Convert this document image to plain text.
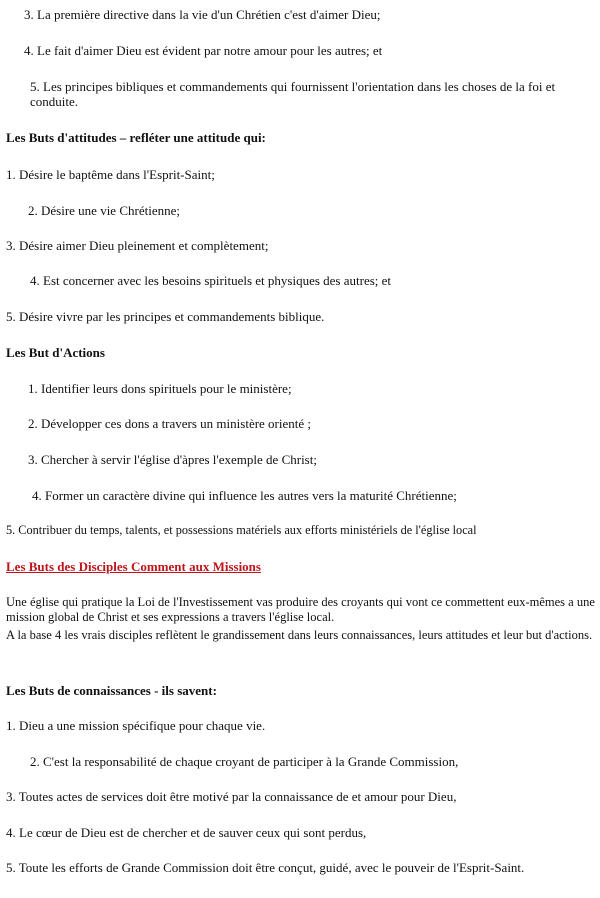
3. La première directive dans la vie d'un Chrétien c'est d'aimer Dieu;

4. Le fait d'aimer Dieu est évident par notre amour pour les autres; et

5. Les principes bibliques et commandements qui fournissent l'orientation dans les choses de la foi et conduite.

Les Buts d'attitudes – refléter une attitude qui:

1. Désire le baptême dans l'Esprit-Saint;

2. Désire une vie Chrétienne;

3. Désire aimer Dieu pleinement et complètement;

4. Est concerner avec les besoins spirituels et physiques des autres; et

5. Désire vivre par les principes et commandements biblique.

Les But d'Actions

1. Identifier leurs dons spirituels pour le ministère;

2. Développer ces dons a travers un ministère orienté ;

3. Chercher à servir l'église d'àpres l'exemple de Christ;

4. Former un caractère divine qui influence les autres vers la maturité Chrétienne;

5. Contribuer du temps, talents, et possessions matériels aux efforts ministériels de l'église local

Les Buts des Disciples Comment aux Missions

Une église qui pratique la Loi de l'Investissement vas produire des croyants qui vont ce commettent eux-mêmes a une mission global de Christ et ses expressions a travers l'église local.

A la base 4 les vrais disciples reflètent le grandissement dans leurs connaissances, leurs attitudes et leur but d'actions.

Les Buts de connaissances - ils savent:

1. Dieu a une mission spécifique pour chaque vie.

2. C'est la responsabilité de chaque croyant de participer à la Grande Commission,

3. Toutes actes de services doit être motivé par la connaissance de et amour pour Dieu,

4. Le cœur de Dieu est de chercher et de sauver ceux qui sont perdus,

5. Toute les efforts de Grande Commission doit être conçut, guidé, avec le pouveir de l'Esprit-Saint.
